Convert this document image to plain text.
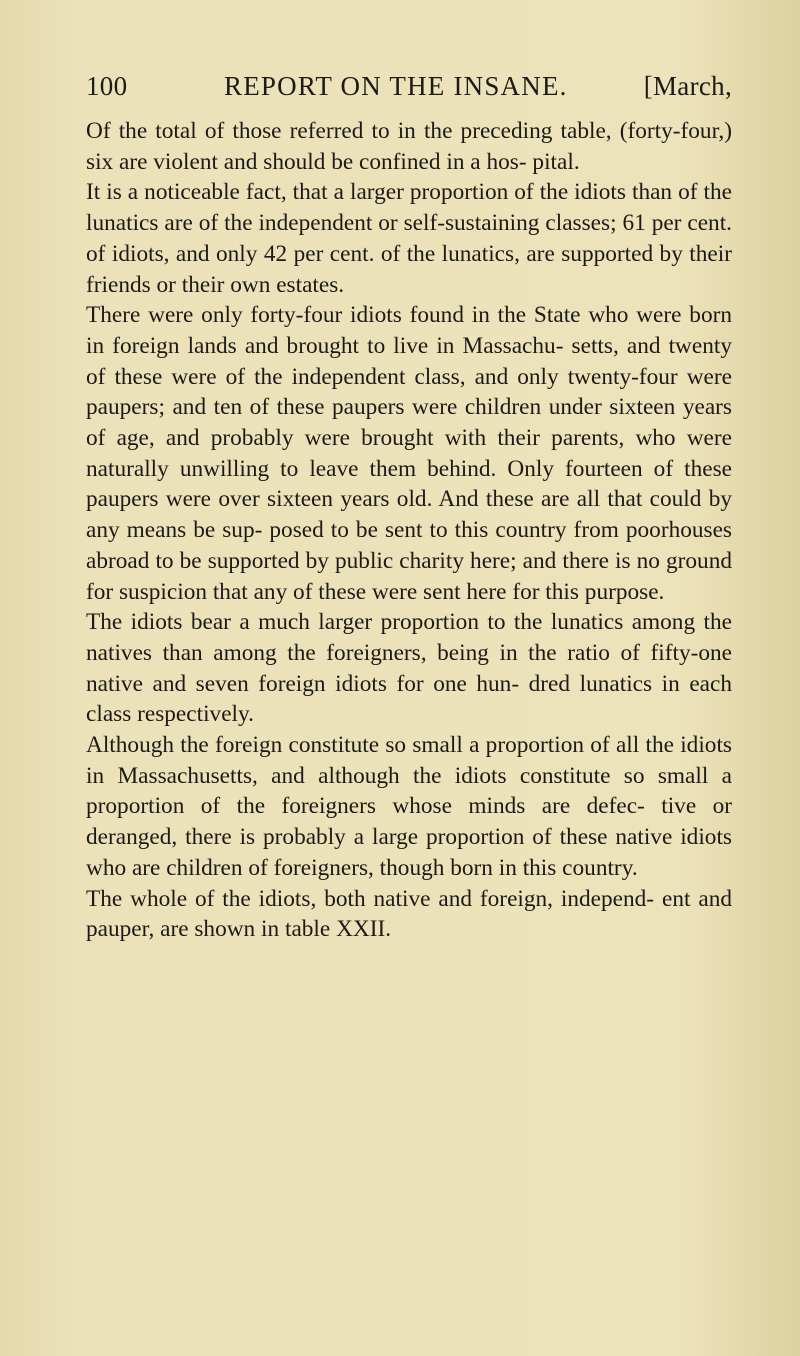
100	REPORT ON THE INSANE.	[March,

Of the total of those referred to in the preceding table, (forty-four,) six are violent and should be confined in a hos- pital.

It is a noticeable fact, that a larger proportion of the idiots than of the lunatics are of the independent or self-sustaining classes; 61 per cent. of idiots, and only 42 per cent. of the lunatics, are supported by their friends or their own estates.

There were only forty-four idiots found in the State who were born in foreign lands and brought to live in Massachu- setts, and twenty of these were of the independent class, and only twenty-four were paupers; and ten of these paupers were children under sixteen years of age, and probably were brought with their parents, who were naturally unwilling to leave them behind. Only fourteen of these paupers were over sixteen years old. And these are all that could by any means be sup- posed to be sent to this country from poorhouses abroad to be supported by public charity here; and there is no ground for suspicion that any of these were sent here for this purpose.

The idiots bear a much larger proportion to the lunatics among the natives than among the foreigners, being in the ratio of fifty-one native and seven foreign idiots for one hun- dred lunatics in each class respectively.

Although the foreign constitute so small a proportion of all the idiots in Massachusetts, and although the idiots constitute so small a proportion of the foreigners whose minds are defec- tive or deranged, there is probably a large proportion of these native idiots who are children of foreigners, though born in this country.

The whole of the idiots, both native and foreign, independ- ent and pauper, are shown in table XXII.
